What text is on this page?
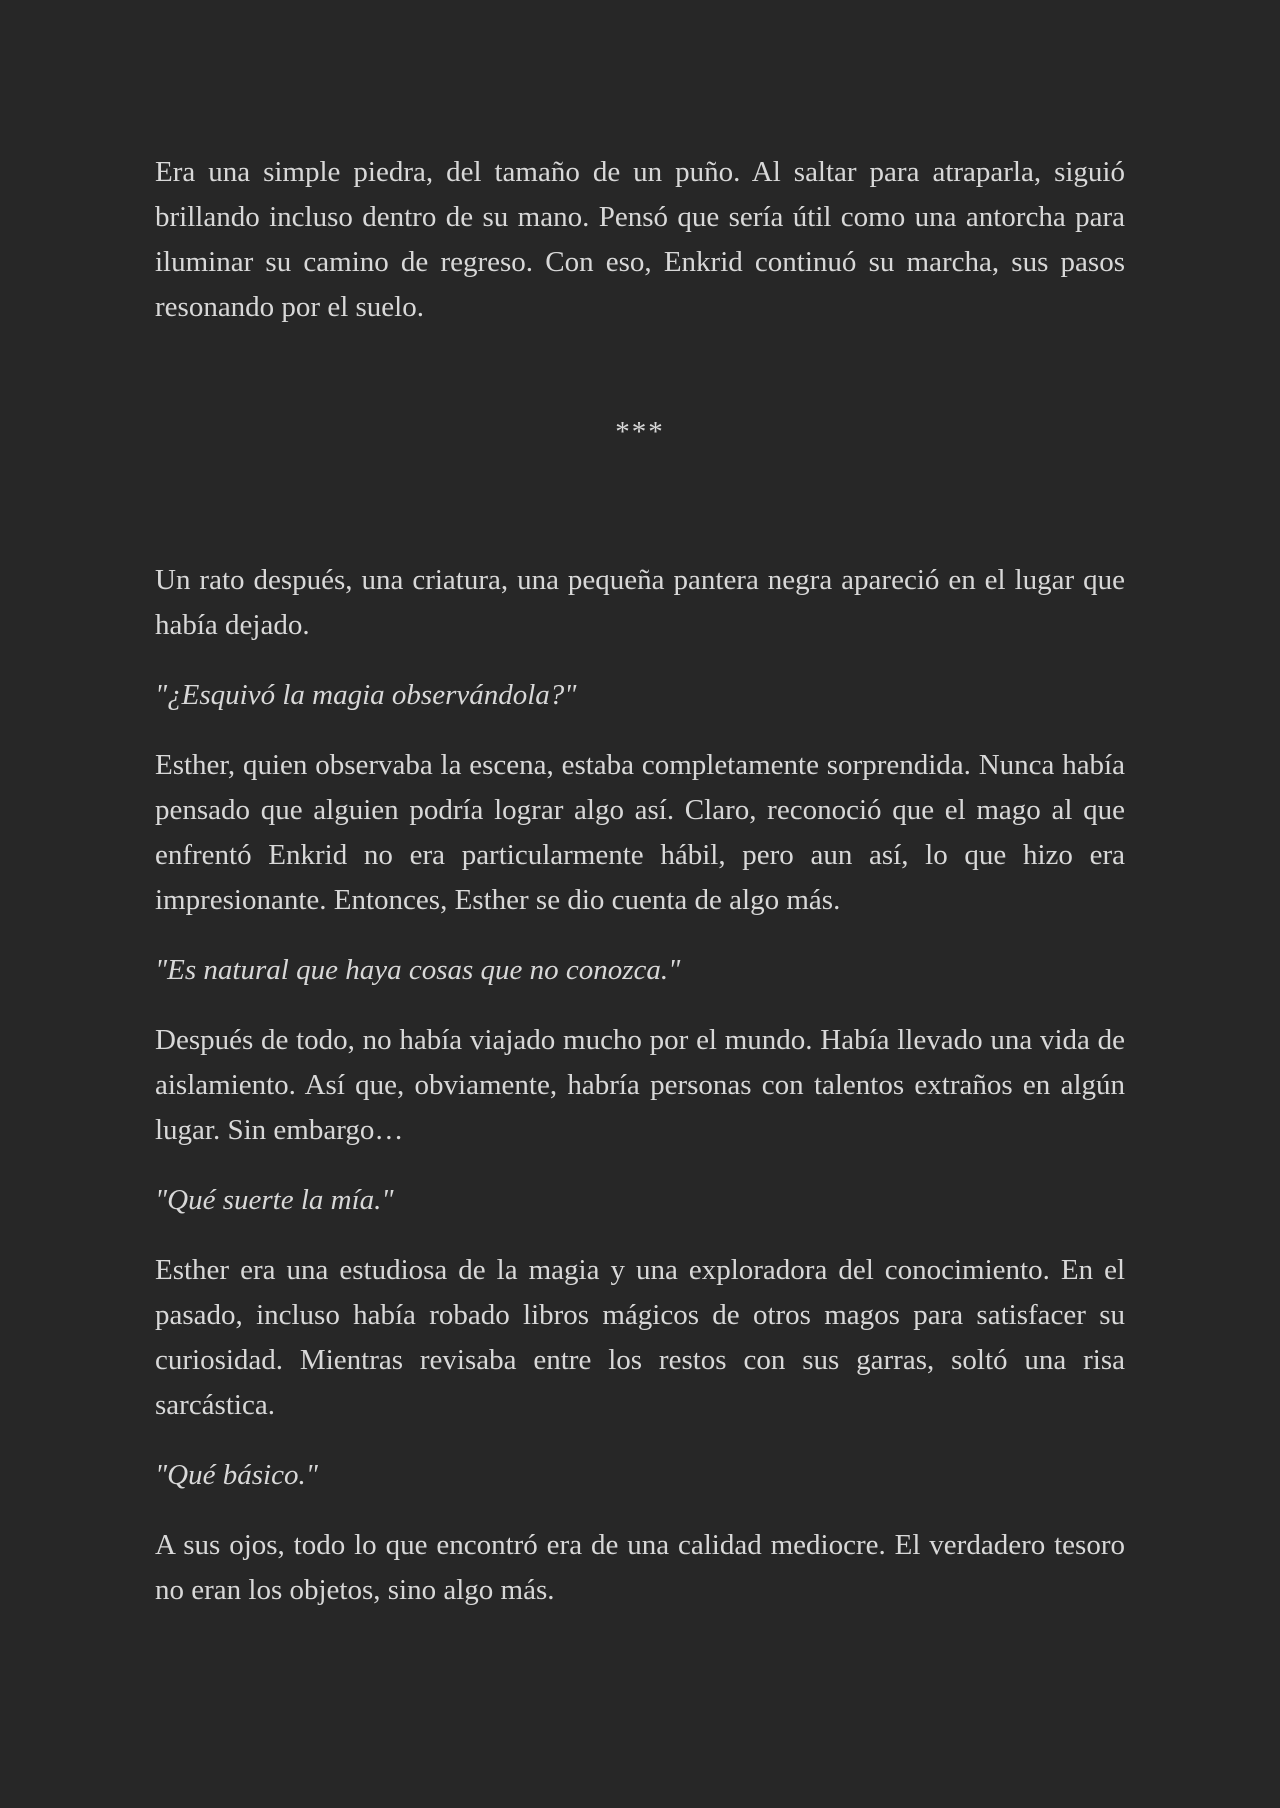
Era una simple piedra, del tamaño de un puño. Al saltar para atraparla, siguió brillando incluso dentro de su mano. Pensó que sería útil como una antorcha para iluminar su camino de regreso. Con eso, Enkrid continuó su marcha, sus pasos resonando por el suelo.

***

Un rato después, una criatura, una pequeña pantera negra apareció en el lugar que había dejado.

"¿Esquivó la magia observándola?"

Esther, quien observaba la escena, estaba completamente sorprendida. Nunca había pensado que alguien podría lograr algo así. Claro, reconoció que el mago al que enfrentó Enkrid no era particularmente hábil, pero aun así, lo que hizo era impresionante. Entonces, Esther se dio cuenta de algo más.

"Es natural que haya cosas que no conozca."

Después de todo, no había viajado mucho por el mundo. Había llevado una vida de aislamiento. Así que, obviamente, habría personas con talentos extraños en algún lugar. Sin embargo…

"Qué suerte la mía."

Esther era una estudiosa de la magia y una exploradora del conocimiento. En el pasado, incluso había robado libros mágicos de otros magos para satisfacer su curiosidad. Mientras revisaba entre los restos con sus garras, soltó una risa sarcástica.

"Qué básico."

A sus ojos, todo lo que encontró era de una calidad mediocre. El verdadero tesoro no eran los objetos, sino algo más.
